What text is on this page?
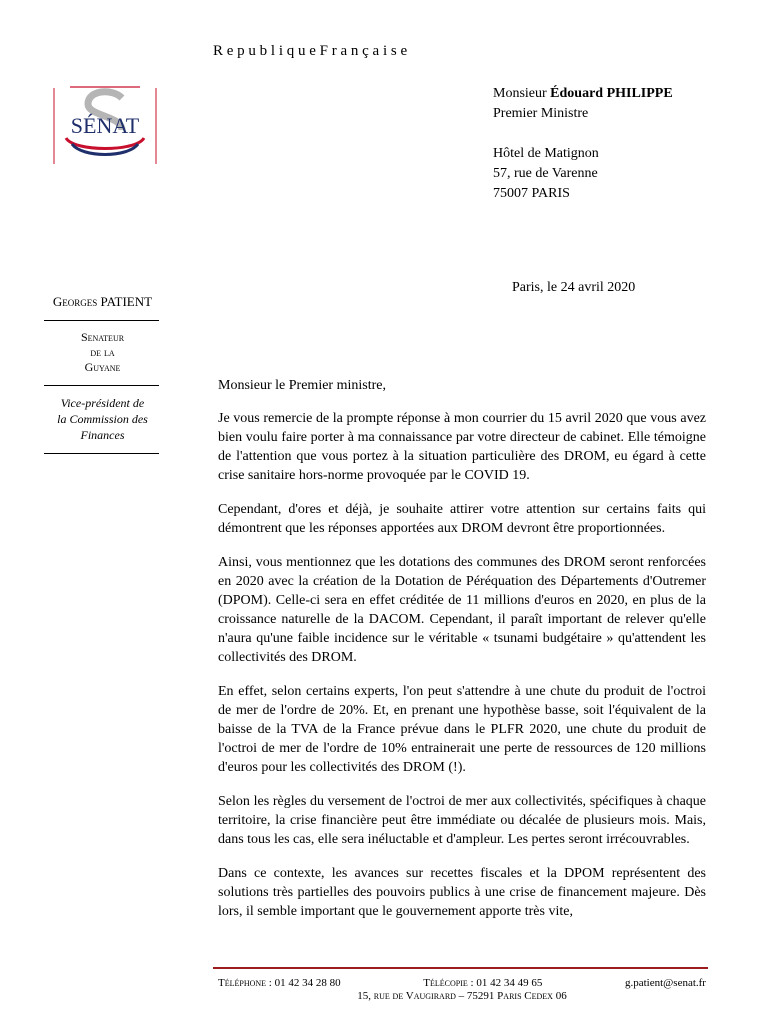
R e p u b l i q u e F r a n ç a i s e
SÉNAT
Monsieur Édouard PHILIPPE
Premier Ministre
Hôtel de Matignon
57, rue de Varenne
75007 PARIS
Paris, le 24 avril 2020
Georges PATIENT
Senateur
de la
Guyane
Vice-président de
la Commission des
Finances

Monsieur le Premier ministre,

Je vous remercie de la prompte réponse à mon courrier du 15 avril 2020 que vous avez bien voulu faire porter à ma connaissance par votre directeur de cabinet. Elle témoigne de l'attention que vous portez à la situation particulière des DROM, eu égard à cette crise sanitaire hors-norme provoquée par le COVID 19.

Cependant, d'ores et déjà, je souhaite attirer votre attention sur certains faits qui démontrent que les réponses apportées aux DROM devront être proportionnées.

Ainsi, vous mentionnez que les dotations des communes des DROM seront renforcées en 2020 avec la création de la Dotation de Péréquation des Départements d'Outremer (DPOM). Celle-ci sera en effet créditée de 11 millions d'euros en 2020, en plus de la croissance naturelle de la DACOM. Cependant, il paraît important de relever qu'elle n'aura qu'une faible incidence sur le véritable « tsunami budgétaire » qu'attendent les collectivités des DROM.

En effet, selon certains experts, l'on peut s'attendre à une chute du produit de l'octroi de mer de l'ordre de 20%. Et, en prenant une hypothèse basse, soit l'équivalent de la baisse de la TVA de la France prévue dans le PLFR 2020, une chute du produit de l'octroi de mer de l'ordre de 10% entrainerait une perte de ressources de 120 millions d'euros pour les collectivités des DROM (!).

Selon les règles du versement de l'octroi de mer aux collectivités, spécifiques à chaque territoire, la crise financière peut être immédiate ou décalée de plusieurs mois. Mais, dans tous les cas, elle sera inéluctable et d'ampleur. Les pertes seront irrécouvrables.

Dans ce contexte, les avances sur recettes fiscales et la DPOM représentent des solutions très partielles des pouvoirs publics à une crise de financement majeure. Dès lors, il semble important que le gouvernement apporte très vite,

Téléphone : 01 42 34 28 80	Télécopie : 01 42 34 49 65	g.patient@senat.fr
15, rue de Vaugirard – 75291 Paris Cedex 06
